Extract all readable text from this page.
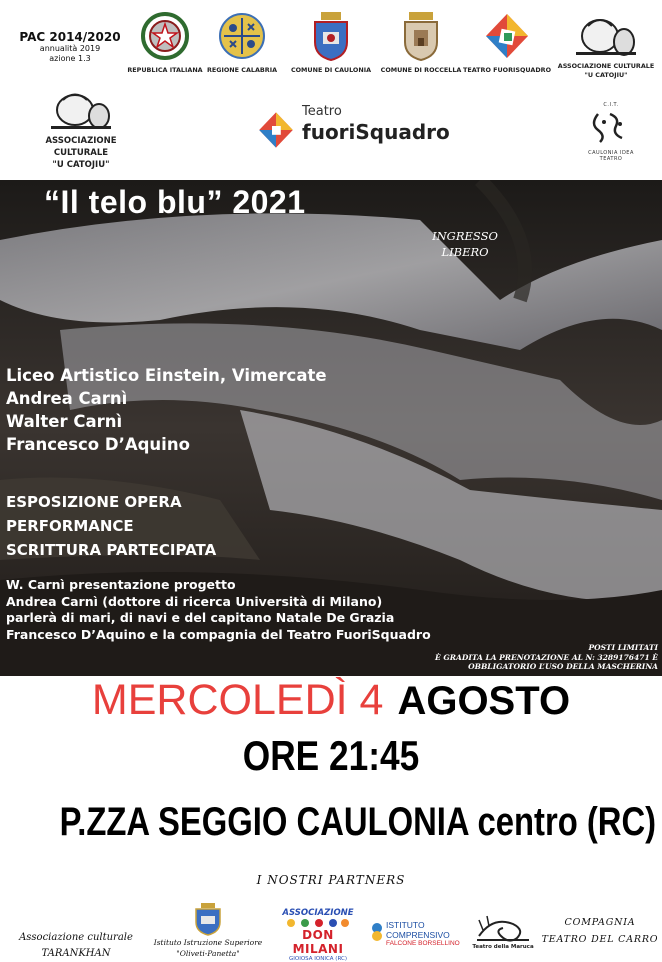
PAC 2014/2020
annualità 2019
azione 1.3
REPUBLICA ITALIANA REGIONE CALABRIA	COMUNE DI CAULONIA	COMUNE DI ROCCELLA TEATRO FUORISQUADRO	ASSOCIAZIONE CULTURALE
"U CATOJIU"
ASSOCIAZIONE
CULTURALE
"U CATOJIU"
Teatro
fuoriSquadro
C.I.T.
CAULONIA IDEA TEATRO
“Il telo blu” 2021
INGRESSO
LIBERO
Liceo Artistico Einstein, Vimercate
Andrea Carnì
Walter Carnì
Francesco D’Aquino
ESPOSIZIONE OPERA
PERFORMANCE
SCRITTURA PARTECIPATA
W. Carnì presentazione progetto
Andrea Carnì (dottore di ricerca Università di Milano)
parlerà di mari, di navi e del capitano Natale De Grazia
Francesco D’Aquino e la compagnia del Teatro FuoriSquadro
POSTI LIMITATI
È GRADITA LA PRENOTAZIONE AL N: 3289176471 È
OBBLIGATORIO L’USO DELLA MASCHERINA
MERCOLEDÌ 4 AGOSTO
ORE 21:45
P.ZZA SEGGIO CAULONIA centro (RC)
I NOSTRI PARTNERS
Associazione culturale
TARANKHAN
Istituto Istruzione Superiore
"Oliveti-Panetta"
ASSOCIAZIONE
DON MILANI
GIOIOSA IONICA (RC)
ISTITUTO COMPRENSIVO
FALCONE BORSELLINO	Teatro della Maruca
COMPAGNIA
TEATRO DEL CARRO
